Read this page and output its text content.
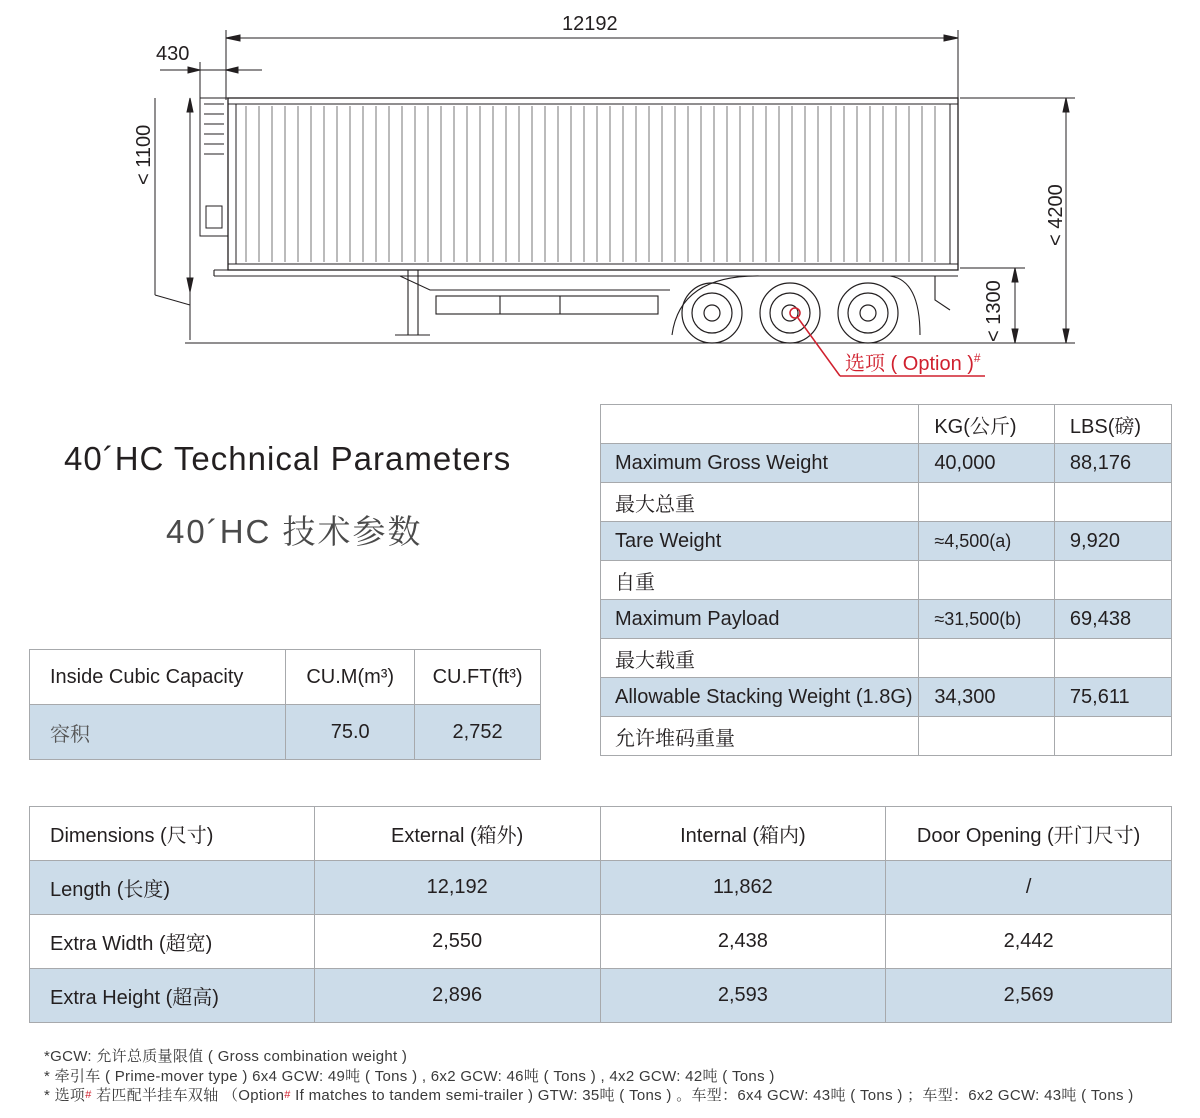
12192
430
< 1100
< 4200
< 1300
选项 ( Option )#
40´HC Technical Parameters
40´HC 技术参数
	KG(公斤)	LBS(磅)
Maximum Gross Weight	40,000	88,176
最大总重		
Tare Weight	≈4,500(a)	9,920
自重		
Maximum Payload	≈31,500(b)	69,438
最大载重		
Allowable Stacking Weight (1.8G)	34,300	75,611
允许堆码重量		
Inside Cubic Capacity	CU.M(m³)	CU.FT(ft³)
容积	75.0	2,752
Dimensions (尺寸)	External (箱外)	Internal (箱内)	Door Opening (开门尺寸)
Length (长度)	12,192	11,862	/
Extra Width (超宽)	2,550	2,438	2,442
Extra Height (超高)	2,896	2,593	2,569
*GCW: 允许总质量限值 ( Gross combination weight )
* 牵引车 ( Prime-mover type ) 6x4 GCW: 49吨 ( Tons ) , 6x2 GCW: 46吨 ( Tons ) , 4x2 GCW: 42吨 ( Tons )
* 选项# 若匹配半挂车双轴 （Option# If matches to tandem semi-trailer ) GTW: 35吨 ( Tons ) 。车型：6x4 GCW: 43吨 ( Tons ) ；车型：6x2 GCW: 43吨 ( Tons )
